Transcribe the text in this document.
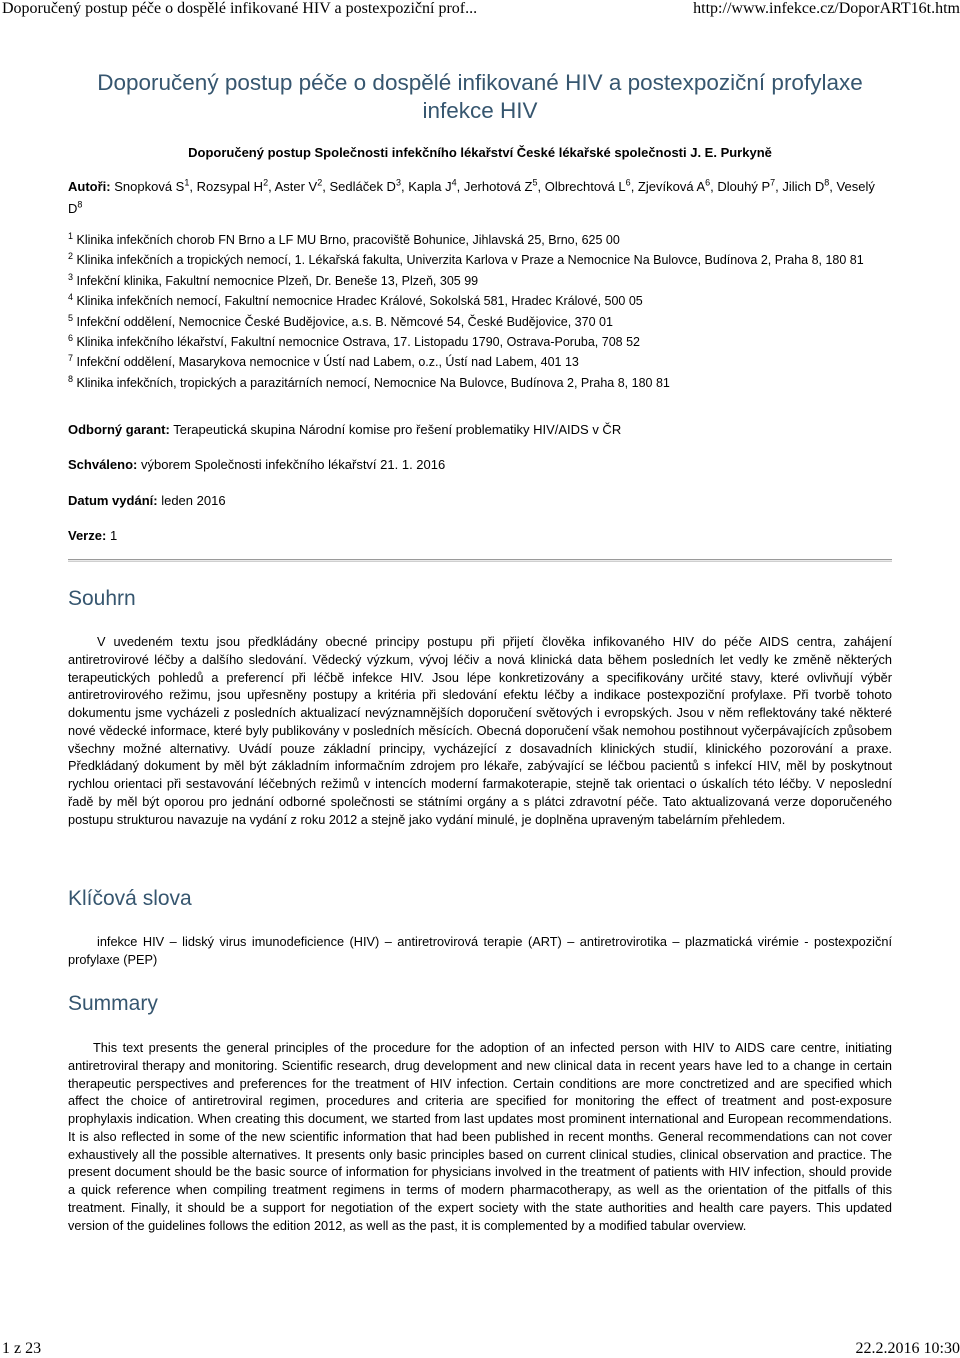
Doporučený postup péče o dospělé infikované HIV a postexpoziční prof...	http://www.infekce.cz/DoporART16t.htm
Doporučený postup péče o dospělé infikované HIV a postexpoziční profylaxe infekce HIV
Doporučený postup Společnosti infekčního lékařství České lékařské společnosti J. E. Purkyně
Autoři: Snopková $S^1$, Rozsypal $H^2$, Aster $V^2$, Sedláček $D^3$, Kapla $J^4$, Jerhotová $Z^5$, Olbrechtová $L^6$, Zjevíková $A^6$, Dlouhý $P^7$, Jilich $D^8$, Veselý $D^8$

$^1$ Klinika infekčních chorob FN Brno a LF MU Brno, pracoviště Bohunice, Jihlavská 25, Brno, 625 00

$^2$ Klinika infekčních a tropických nemocí, 1. Lékařská fakulta, Univerzita Karlova v Praze a Nemocnice Na Bulovce, Budínova 2, Praha 8, 180 81

$^3$ Infekční klinika, Fakultní nemocnice Plzeň, Dr. Beneše 13, Plzeň, 305 99

$^4$ Klinika infekčních nemocí, Fakultní nemocnice Hradec Králové, Sokolská 581, Hradec Králové, 500 05

$^5$ Infekční oddělení, Nemocnice České Budějovice, a.s. B. Němcové 54, České Budějovice, 370 01

$^6$ Klinika infekčního lékařství, Fakultní nemocnice Ostrava, 17. Listopadu 1790, Ostrava-Poruba, 708 52

$^7$ Infekční oddělení, Masarykova nemocnice v Ústí nad Labem, o.z., Ústí nad Labem, 401 13

$^8$ Klinika infekčních, tropických a parazitárních nemocí, Nemocnice Na Bulovce, Budínova 2, Praha 8, 180 81

Odborný garant: Terapeutická skupina Národní komise pro řešení problematiky HIV/AIDS v ČR
Schváleno: výborem Společnosti infekčního lékařství 21. 1. 2016
Datum vydání: leden 2016
Verze: 1
Souhrn

V uvedeném textu jsou předkládány obecné principy postupu při přijetí člověka infikovaného HIV do péče AIDS centra, zahájení antiretrovirové léčby a dalšího sledování. Vědecký výzkum, vývoj léčiv a nová klinická data během posledních let vedly ke změně některých terapeutických pohledů a preferencí při léčbě infekce HIV. Jsou lépe konkretizovány a specifikovány určité stavy, které ovlivňují výběr antiretrovirového režimu, jsou upřesněny postupy a kritéria při sledování efektu léčby a indikace postexpoziční profylaxe. Při tvorbě tohoto dokumentu jsme vycházeli z posledních aktualizací nevýznamnějších doporučení světových i evropských. Jsou v něm reflektovány také některé nové vědecké informace, které byly publikovány v posledních měsících. Obecná doporučení však nemohou postihnout vyčerpávajících způsobem všechny možné alternativy. Uvádí pouze základní principy, vycházející z dosavadních klinických studií, klinického pozorování a praxe. Předkládaný dokument by měl být základním informačním zdrojem pro lékaře, zabývající se léčbou pacientů s infekcí HIV, měl by poskytnout rychlou orientaci při sestavování léčebných režimů v intencích moderní farmakoterapie, stejně tak orientaci o úskalích této léčby. V neposlední řadě by měl být oporou pro jednání odborné společnosti se státními orgány a s plátci zdravotní péče. Tato aktualizovaná verze doporučeného postupu strukturou navazuje na vydání z roku 2012 a stejně jako vydání minulé, je doplněna upraveným tabelárním přehledem.

Klíčová slova

infekce HIV – lidský virus imunodeficience (HIV) – antiretrovirová terapie (ART) – antiretrovirotika – plazmatická virémie - postexpoziční profylaxe (PEP)

Summary

This text presents the general principles of the procedure for the adoption of an infected person with HIV to AIDS care centre, initiating antiretroviral therapy and monitoring. Scientific research, drug development and new clinical data in recent years have led to a change in certain therapeutic perspectives and preferences for the treatment of HIV infection. Certain conditions are more conctretized and are specified which affect the choice of antiretroviral regimen, procedures and criteria are specified for monitoring the effect of treatment and post-exposure prophylaxis indication. When creating this document, we started from last updates most prominent international and European recommendations. It is also reflected in some of the new scientific information that had been published in recent months. General recommendations can not cover exhaustively all the possible alternatives. It presents only basic principles based on current clinical studies, clinical observation and practice. The present document should be the basic source of information for physicians involved in the treatment of patients with HIV infection, should provide a quick reference when compiling treatment regimens in terms of modern pharmacotherapy, as well as the orientation of the pitfalls of this treatment. Finally, it should be a support for negotiation of the expert society with the state authorities and health care payers. This updated version of the guidelines follows the edition 2012, as well as the past, it is complemented by a modified tabular overview.

1 z 23	22.2.2016 10:30
